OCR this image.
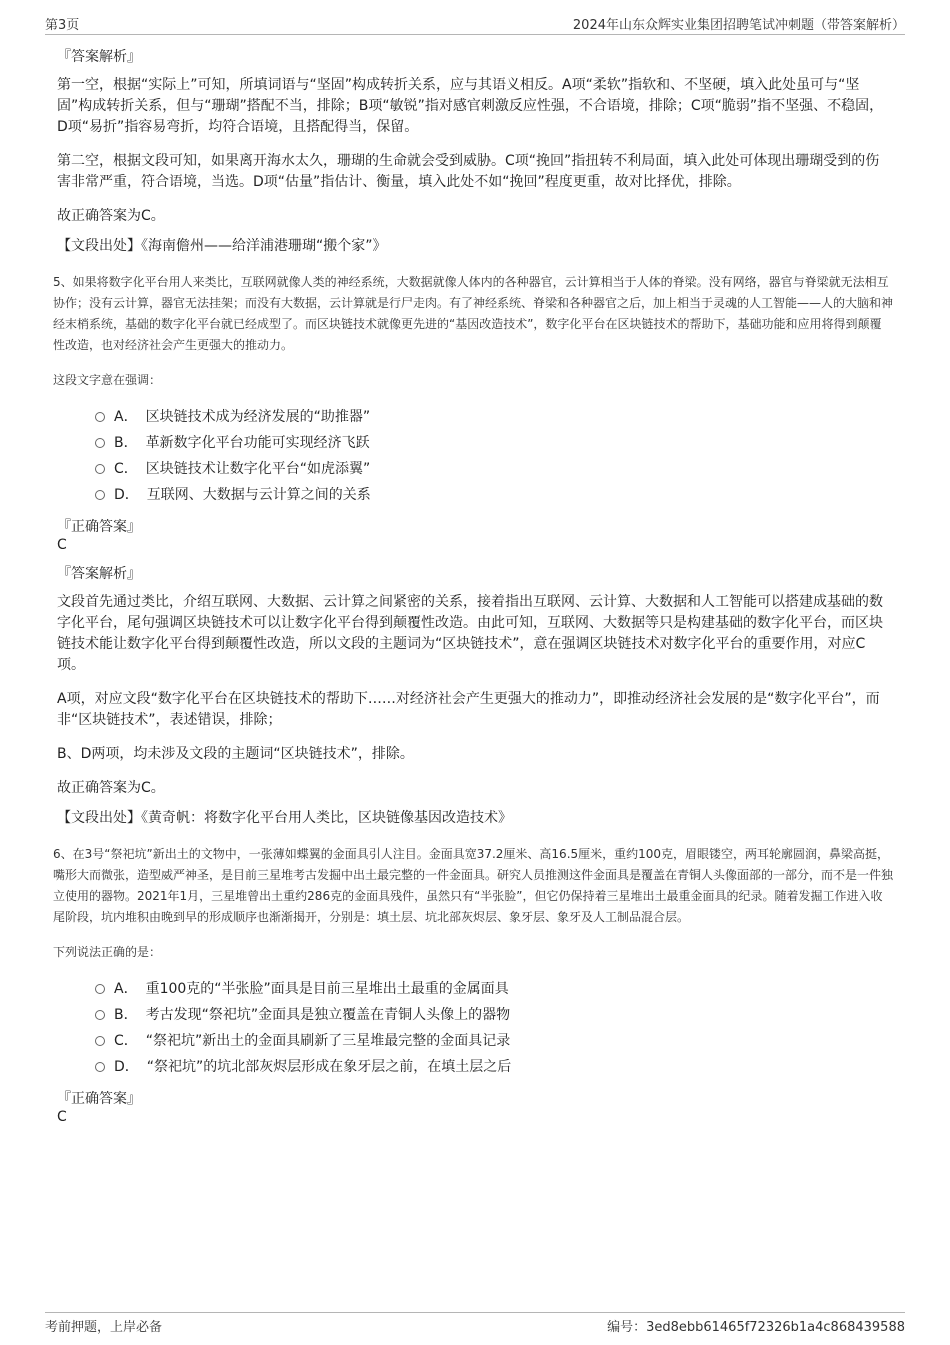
第3页	2024年山东众辉实业集团招聘笔试冲刺题（带答案解析）
『答案解析』

第一空，根据“实际上”可知，所填词语与“坚固”构成转折关系，应与其语义相反。A项“柔软”指软和、不坚硬，填入此处虽可与“坚固”构成转折关系，但与“珊瑚”搭配不当，排除；B项“敏锐”指对感官刺激反应性强，不合语境，排除；C项“脆弱”指不坚强、不稳固，D项“易折”指容易弯折，均符合语境，且搭配得当，保留。

第二空，根据文段可知，如果离开海水太久，珊瑚的生命就会受到威胁。C项“挽回”指扭转不利局面，填入此处可体现出珊瑚受到的伤害非常严重，符合语境，当选。D项“估量”指估计、衡量，填入此处不如“挽回”程度更重，故对比择优，排除。

故正确答案为C。
【文段出处】《海南儋州——给洋浦港珊瑚“搬个家”》

5、如果将数字化平台用人来类比，互联网就像人类的神经系统，大数据就像人体内的各种器官，云计算相当于人体的脊梁。没有网络，器官与脊梁就无法相互协作；没有云计算，器官无法挂架；而没有大数据，云计算就是行尸走肉。有了神经系统、脊梁和各种器官之后，加上相当于灵魂的人工智能——人的大脑和神经末梢系统，基础的数字化平台就已经成型了。而区块链技术就像更先进的“基因改造技术”，数字化平台在区块链技术的帮助下，基础功能和应用将得到颠覆性改造，也对经济社会产生更强大的推动力。

这段文字意在强调：

A． 区块链技术成为经济发展的“助推器”
B． 革新数字化平台功能可实现经济飞跃
C． 区块链技术让数字化平台“如虎添翼”
D． 互联网、大数据与云计算之间的关系
『正确答案』
C
『答案解析』

文段首先通过类比，介绍互联网、大数据、云计算之间紧密的关系，接着指出互联网、云计算、大数据和人工智能可以搭建成基础的数字化平台，尾句强调区块链技术可以让数字化平台得到颠覆性改造。由此可知，互联网、大数据等只是构建基础的数字化平台，而区块链技术能让数字化平台得到颠覆性改造，所以文段的主题词为“区块链技术”，意在强调区块链技术对数字化平台的重要作用，对应C项。

A项，对应文段“数字化平台在区块链技术的帮助下……对经济社会产生更强大的推动力”，即推动经济社会发展的是“数字化平台”，而非“区块链技术”，表述错误，排除；

B、D两项，均未涉及文段的主题词“区块链技术”，排除。

故正确答案为C。
【文段出处】《黄奇帆：将数字化平台用人类比，区块链像基因改造技术》

6、在3号“祭祀坑”新出土的文物中，一张薄如蝶翼的金面具引人注目。金面具宽37.2厘米、高16.5厘米，重约100克，眉眼镂空，两耳轮廓圆润，鼻梁高挺，嘴形大而微张，造型威严神圣，是目前三星堆考古发掘中出土最完整的一件金面具。研究人员推测这件金面具是覆盖在青铜人头像面部的一部分，而不是一件独立使用的器物。2021年1月，三星堆曾出土重约286克的金面具残件，虽然只有“半张脸”，但它仍保持着三星堆出土最重金面具的纪录。随着发掘工作进入收尾阶段，坑内堆积由晚到早的形成顺序也渐渐揭开，分别是：填土层、坑北部灰烬层、象牙层、象牙及人工制品混合层。

下列说法正确的是：

A． 重100克的“半张脸”面具是目前三星堆出土最重的金属面具
B． 考古发现“祭祀坑”金面具是独立覆盖在青铜人头像上的器物
C． “祭祀坑”新出土的金面具刷新了三星堆最完整的金面具记录
D． “祭祀坑”的坑北部灰烬层形成在象牙层之前，在填土层之后
『正确答案』
C
考前押题，上岸必备	编号：3ed8ebb61465f72326b1a4c868439588
